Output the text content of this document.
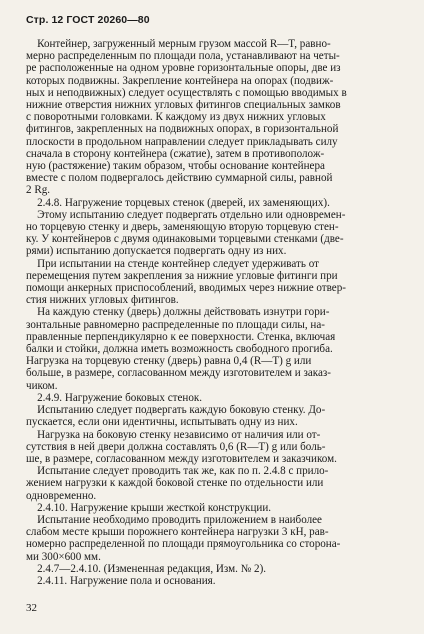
Стр. 12 ГОСТ 20260—80
Контейнер, загруженный мерным грузом массой R—T, равно-
мерно распределенным по площади пола, устанавливают на четы-
ре расположенные на одном уровне горизонтальные опоры, две из
которых подвижны. Закрепление контейнера на опорах (подвиж-
ных и неподвижных) следует осуществлять с помощью вводимых в
нижние отверстия нижних угловых фитингов специальных замков
с поворотными головками. К каждому из двух нижних угловых
фитингов, закрепленных на подвижных опорах, в горизонтальной
плоскости в продольном направлении следует прикладывать силу
сначала в сторону контейнера (сжатие), затем в противополож-
ную (растяжение) таким образом, чтобы основание контейнера
вместе с полом подвергалось действию суммарной силы, равной
2 Rg.
2.4.8. Нагружение торцевых стенок (дверей, их заменяющих).
Этому испытанию следует подвергать отдельно или одновремен-
но торцевую стенку и дверь, заменяющую вторую торцевую стен-
ку. У контейнеров с двумя одинаковыми торцевыми стенками (две-
рями) испытанию допускается подвергать одну из них.
При испытании на стенде контейнер следует удерживать от
перемещения путем закрепления за нижние угловые фитинги при
помощи анкерных приспособлений, вводимых через нижние отвер-
стия нижних угловых фитингов.
На каждую стенку (дверь) должны действовать изнутри гори-
зонтальные равномерно распределенные по площади силы, на-
правленные перпендикулярно к ее поверхности. Стенка, включая
балки и стойки, должна иметь возможность свободного прогиба.
Нагрузка на торцевую стенку (дверь) равна 0,4 (R—T) g или
больше, в размере, согласованном между изготовителем и заказ-
чиком.
2.4.9. Нагружение боковых стенок.
Испытанию следует подвергать каждую боковую стенку. До-
пускается, если они идентичны, испытывать одну из них.
Нагрузка на боковую стенку независимо от наличия или от-
сутствия в ней двери должна составлять 0,6 (R—T) g или боль-
ше, в размере, согласованном между изготовителем и заказчиком.
Испытание следует проводить так же, как по п. 2.4.8 с прило-
жением нагрузки к каждой боковой стенке по отдельности или
одновременно.
2.4.10. Нагружение крыши жесткой конструкции.
Испытание необходимо проводить приложением в наиболее
слабом месте крыши порожнего контейнера нагрузки 3 кН, рав-
номерно распределенной по площади прямоугольника со сторона-
ми 300×600 мм.
2.4.7—2.4.10. (Измененная редакция, Изм. № 2).
2.4.11. Нагружение пола и основания.
32
